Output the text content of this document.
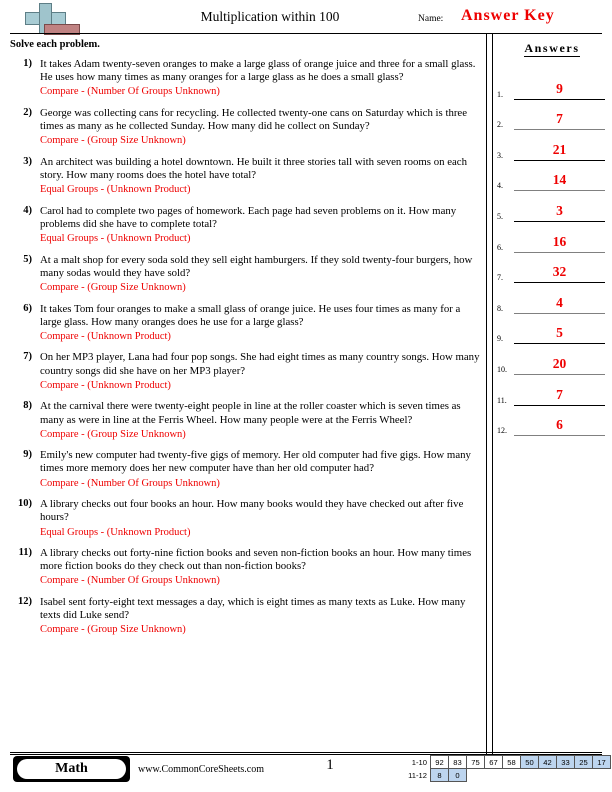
Multiplication within 100	Name: Answer Key
Solve each problem.
1) It takes Adam twenty-seven oranges to make a large glass of orange juice and three for a small glass. He uses how many times as many oranges for a large glass as he does a small glass?
Compare - (Number Of Groups Unknown)
2) George was collecting cans for recycling. He collected twenty-one cans on Saturday which is three times as many as he collected Sunday. How many did he collect on Sunday?
Compare - (Group Size Unknown)
3) An architect was building a hotel downtown. He built it three stories tall with seven rooms on each story. How many rooms does the hotel have total?
Equal Groups - (Unknown Product)
4) Carol had to complete two pages of homework. Each page had seven problems on it. How many problems did she have to complete total?
Equal Groups - (Unknown Product)
5) At a malt shop for every soda sold they sell eight hamburgers. If they sold twenty-four burgers, how many sodas would they have sold?
Compare - (Group Size Unknown)
6) It takes Tom four oranges to make a small glass of orange juice. He uses four times as many for a large glass. How many oranges does he use for a large glass?
Compare - (Unknown Product)
7) On her MP3 player, Lana had four pop songs. She had eight times as many country songs. How many country songs did she have on her MP3 player?
Compare - (Unknown Product)
8) At the carnival there were twenty-eight people in line at the roller coaster which is seven times as many as were in line at the Ferris Wheel. How many people were at the Ferris Wheel?
Compare - (Group Size Unknown)
9) Emily's new computer had twenty-five gigs of memory. Her old computer had five gigs. How many times more memory does her new computer have than her old computer had?
Compare - (Number Of Groups Unknown)
10) A library checks out four books an hour. How many books would they have checked out after five hours?
Equal Groups - (Unknown Product)
11) A library checks out forty-nine fiction books and seven non-fiction books an hour. How many times more fiction books do they check out than non-fiction books?
Compare - (Number Of Groups Unknown)
12) Isabel sent forty-eight text messages a day, which is eight times as many texts as Luke. How many texts did Luke send?
Compare - (Group Size Unknown)
Answers
1.	9
2.	7
3.	21
4.	14
5.	3
6.	16
7.	32
8.	4
9.	5
10.	20
11.	7
12.	6
Math	www.CommonCoreSheets.com	1	1-10	92	83	75	67	58	50	42	33	25	17
11-12	8	0								
